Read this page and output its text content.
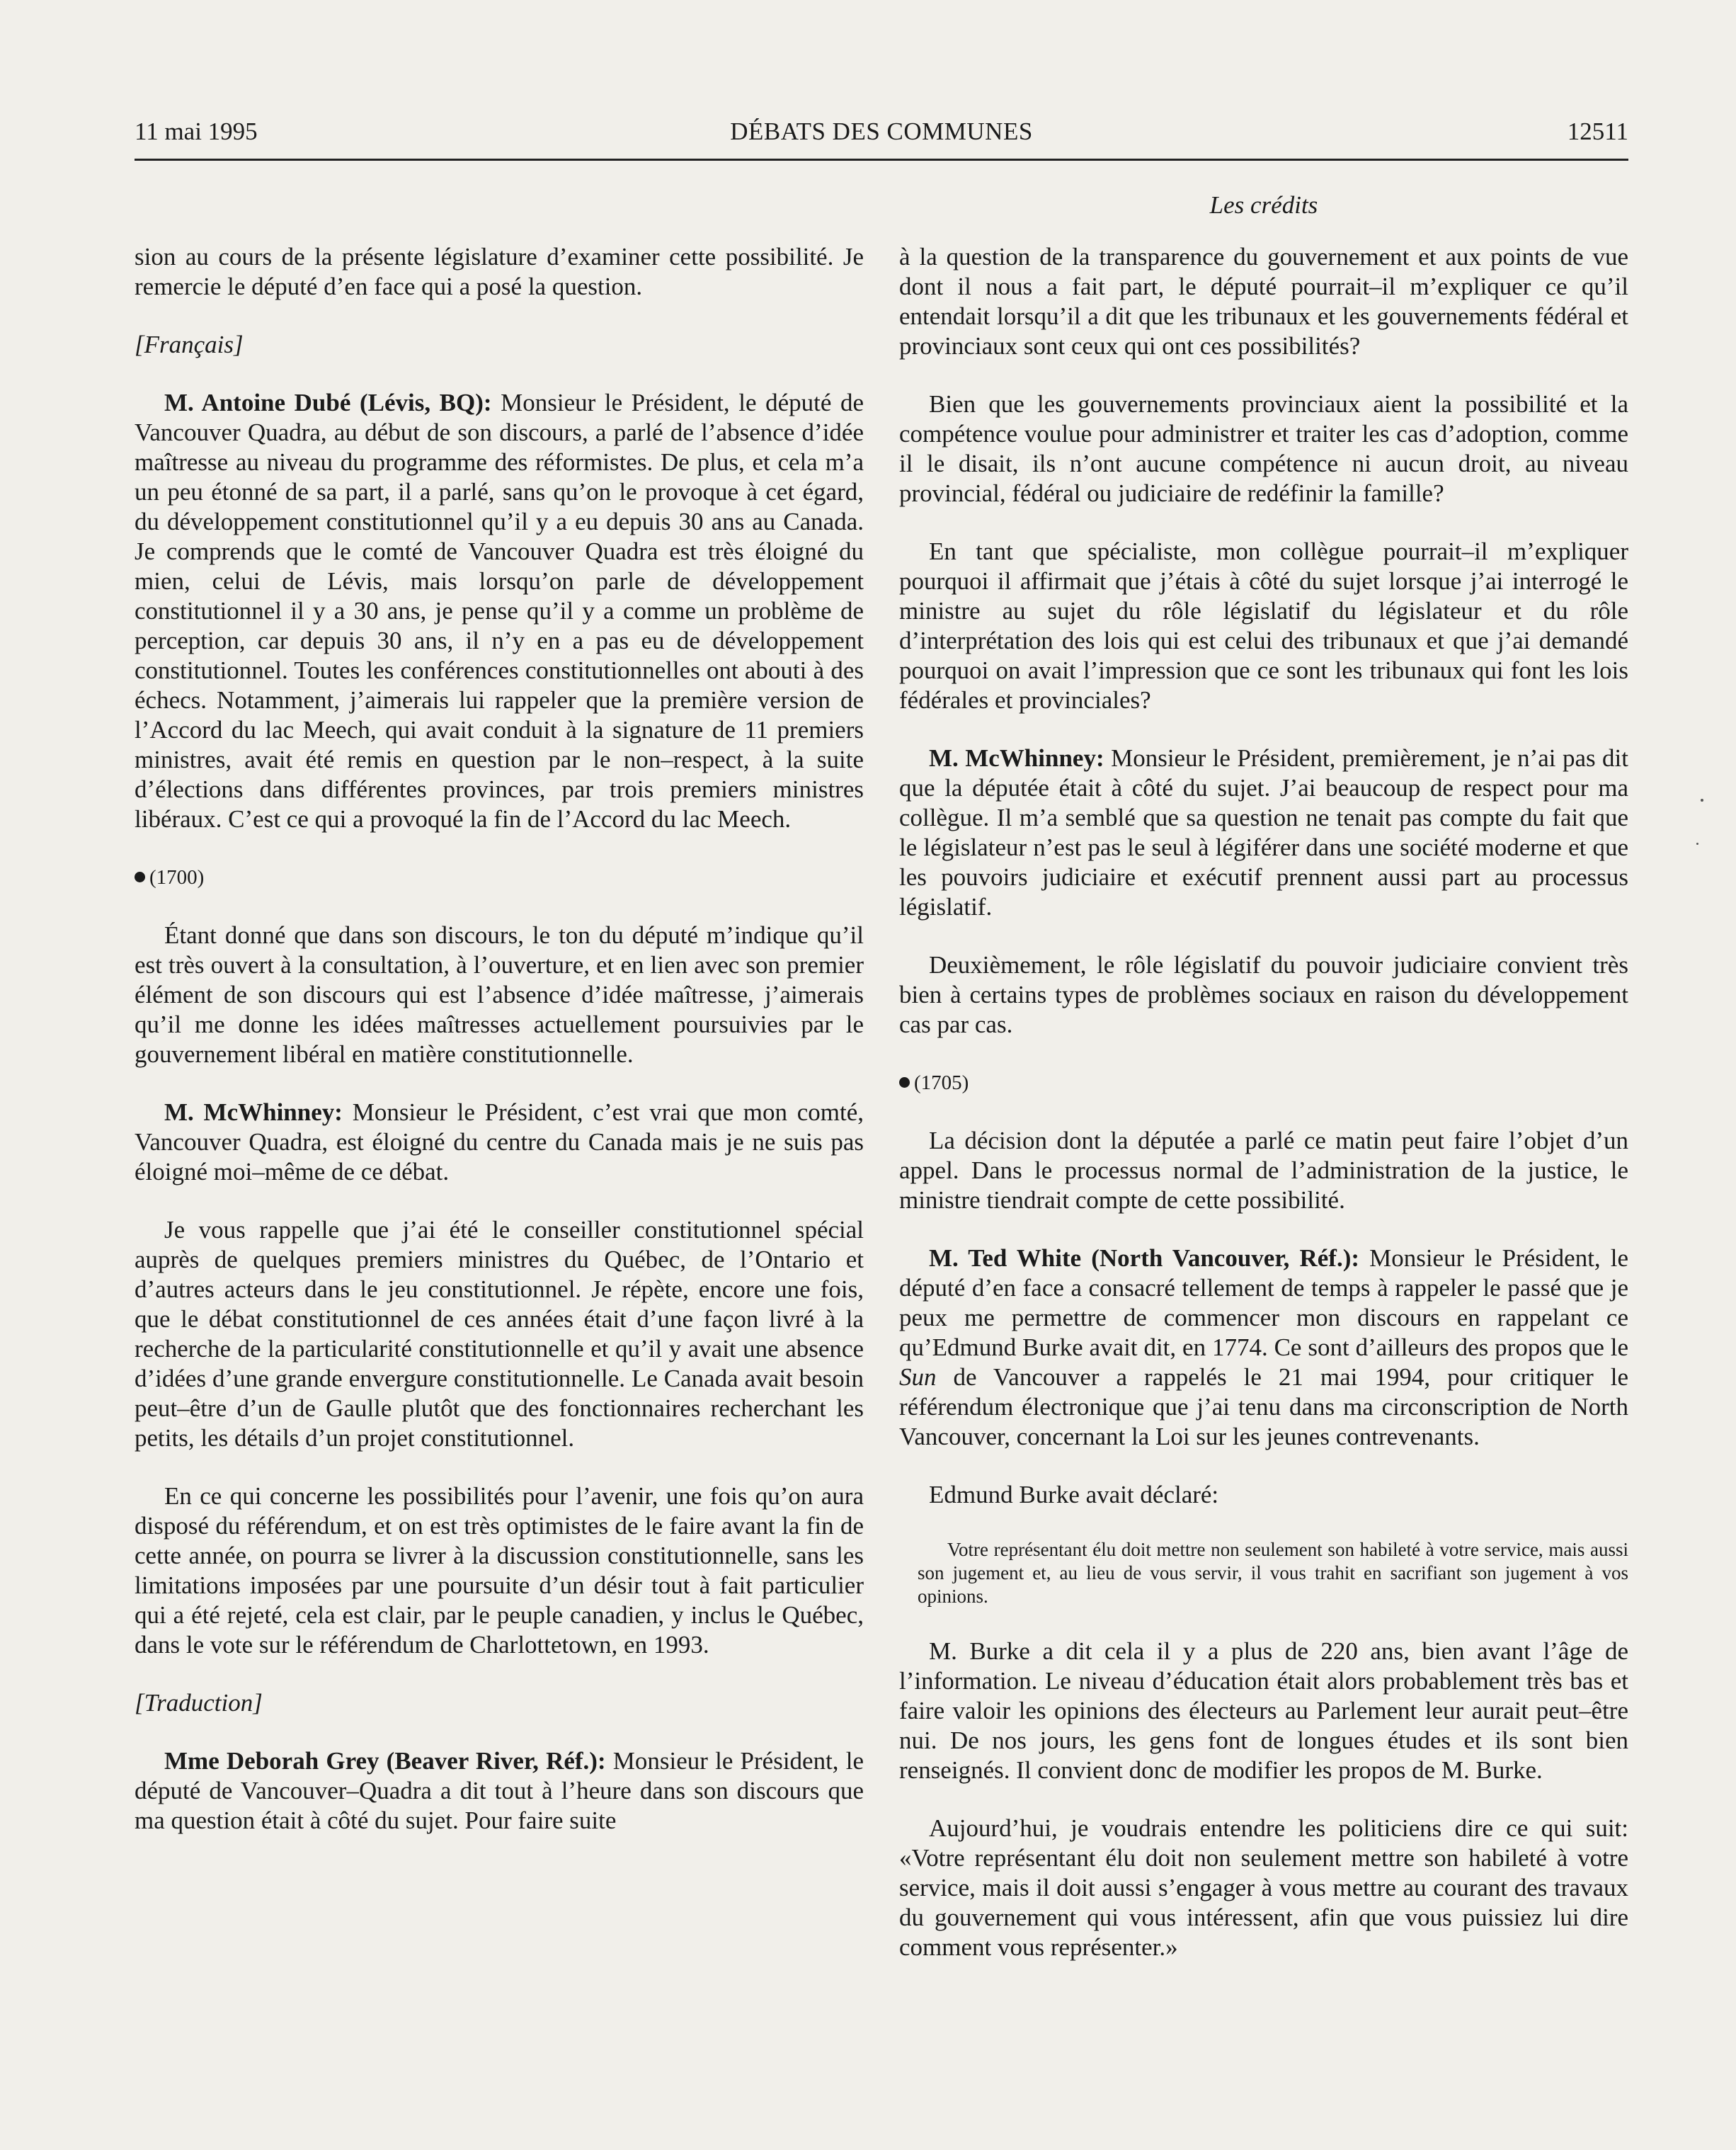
11 mai 1995	DÉBATS DES COMMUNES	12511
Les crédits

sion au cours de la présente législature d’examiner cette possibilité. Je remercie le député d’en face qui a posé la question.

[Français]

M. Antoine Dubé (Lévis, BQ): Monsieur le Président, le député de Vancouver Quadra, au début de son discours, a parlé de l’absence d’idée maîtresse au niveau du programme des réformistes. De plus, et cela m’a un peu étonné de sa part, il a parlé, sans qu’on le provoque à cet égard, du développement constitutionnel qu’il y a eu depuis 30 ans au Canada. Je comprends que le comté de Vancouver Quadra est très éloigné du mien, celui de Lévis, mais lorsqu’on parle de développement constitutionnel il y a 30 ans, je pense qu’il y a comme un problème de perception, car depuis 30 ans, il n’y en a pas eu de développement constitutionnel. Toutes les conférences constitutionnelles ont abouti à des échecs. Notamment, j’aimerais lui rappeler que la première version de l’Accord du lac Meech, qui avait conduit à la signature de 11 premiers ministres, avait été remis en question par le non–respect, à la suite d’élections dans différentes provinces, par trois premiers ministres libéraux. C’est ce qui a provoqué la fin de l’Accord du lac Meech.

(1700)

Étant donné que dans son discours, le ton du député m’indique qu’il est très ouvert à la consultation, à l’ouverture, et en lien avec son premier élément de son discours qui est l’absence d’idée maîtresse, j’aimerais qu’il me donne les idées maîtresses actuellement poursuivies par le gouvernement libéral en matière constitutionnelle.

M. McWhinney: Monsieur le Président, c’est vrai que mon comté, Vancouver Quadra, est éloigné du centre du Canada mais je ne suis pas éloigné moi–même de ce débat.

Je vous rappelle que j’ai été le conseiller constitutionnel spécial auprès de quelques premiers ministres du Québec, de l’Ontario et d’autres acteurs dans le jeu constitutionnel. Je répète, encore une fois, que le débat constitutionnel de ces années était d’une façon livré à la recherche de la particularité constitutionnelle et qu’il y avait une absence d’idées d’une grande envergure constitutionnelle. Le Canada avait besoin peut–être d’un de Gaulle plutôt que des fonctionnaires recherchant les petits, les détails d’un projet constitutionnel.

En ce qui concerne les possibilités pour l’avenir, une fois qu’on aura disposé du référendum, et on est très optimistes de le faire avant la fin de cette année, on pourra se livrer à la discussion constitutionnelle, sans les limitations imposées par une poursuite d’un désir tout à fait particulier qui a été rejeté, cela est clair, par le peuple canadien, y inclus le Québec, dans le vote sur le référendum de Charlottetown, en 1993.

[Traduction]

Mme Deborah Grey (Beaver River, Réf.): Monsieur le Président, le député de Vancouver–Quadra a dit tout à l’heure dans son discours que ma question était à côté du sujet. Pour faire suite

à la question de la transparence du gouvernement et aux points de vue dont il nous a fait part, le député pourrait–il m’expliquer ce qu’il entendait lorsqu’il a dit que les tribunaux et les gouvernements fédéral et provinciaux sont ceux qui ont ces possibilités?

Bien que les gouvernements provinciaux aient la possibilité et la compétence voulue pour administrer et traiter les cas d’adoption, comme il le disait, ils n’ont aucune compétence ni aucun droit, au niveau provincial, fédéral ou judiciaire de redéfinir la famille?

En tant que spécialiste, mon collègue pourrait–il m’expliquer pourquoi il affirmait que j’étais à côté du sujet lorsque j’ai interrogé le ministre au sujet du rôle législatif du législateur et du rôle d’interprétation des lois qui est celui des tribunaux et que j’ai demandé pourquoi on avait l’impression que ce sont les tribunaux qui font les lois fédérales et provinciales?

M. McWhinney: Monsieur le Président, premièrement, je n’ai pas dit que la députée était à côté du sujet. J’ai beaucoup de respect pour ma collègue. Il m’a semblé que sa question ne tenait pas compte du fait que le législateur n’est pas le seul à légiférer dans une société moderne et que les pouvoirs judiciaire et exécutif prennent aussi part au processus législatif.

Deuxièmement, le rôle législatif du pouvoir judiciaire convient très bien à certains types de problèmes sociaux en raison du développement cas par cas.

(1705)

La décision dont la députée a parlé ce matin peut faire l’objet d’un appel. Dans le processus normal de l’administration de la justice, le ministre tiendrait compte de cette possibilité.

M. Ted White (North Vancouver, Réf.): Monsieur le Président, le député d’en face a consacré tellement de temps à rappeler le passé que je peux me permettre de commencer mon discours en rappelant ce qu’Edmund Burke avait dit, en 1774. Ce sont d’ailleurs des propos que le Sun de Vancouver a rappelés le 21 mai 1994, pour critiquer le référendum électronique que j’ai tenu dans ma circonscription de North Vancouver, concernant la Loi sur les jeunes contrevenants.

Edmund Burke avait déclaré:

Votre représentant élu doit mettre non seulement son habileté à votre service, mais aussi son jugement et, au lieu de vous servir, il vous trahit en sacrifiant son jugement à vos opinions.

M. Burke a dit cela il y a plus de 220 ans, bien avant l’âge de l’information. Le niveau d’éducation était alors probablement très bas et faire valoir les opinions des électeurs au Parlement leur aurait peut–être nui. De nos jours, les gens font de longues études et ils sont bien renseignés. Il convient donc de modifier les propos de M. Burke.

Aujourd’hui, je voudrais entendre les politiciens dire ce qui suit: «Votre représentant élu doit non seulement mettre son habileté à votre service, mais il doit aussi s’engager à vous mettre au courant des travaux du gouvernement qui vous intéressent, afin que vous puissiez lui dire comment vous représenter.»
